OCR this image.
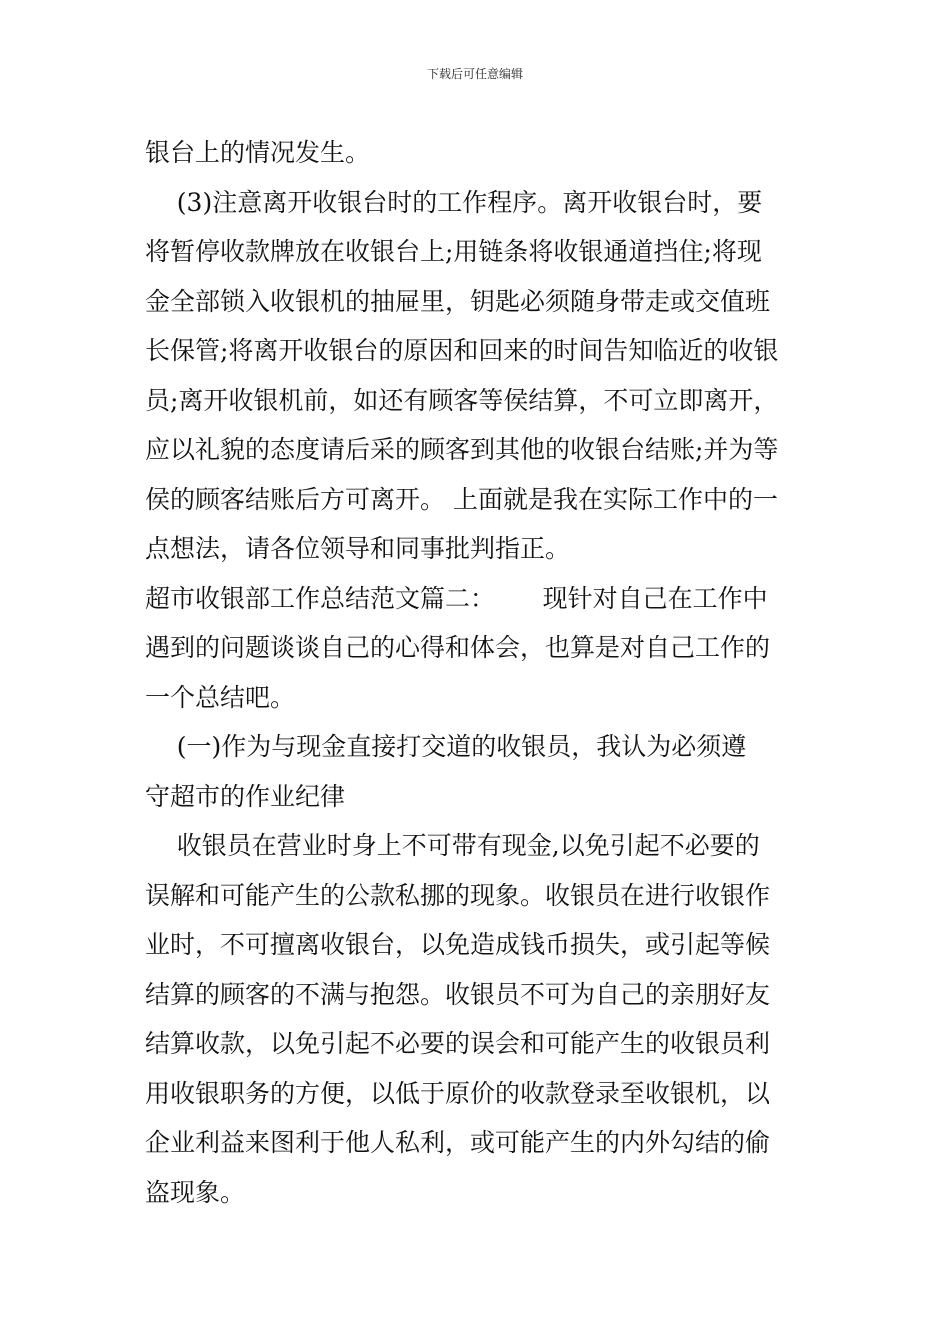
下载后可任意编辑
银台上的情况发生。
(3)注意离开收银台时的工作程序。离开收银台时，要
将暂停收款牌放在收银台上;用链条将收银通道挡住;将现
金全部锁入收银机的抽屉里，钥匙必须随身带走或交值班
长保管;将离开收银台的原因和回来的时间告知临近的收银
员;离开收银机前，如还有顾客等侯结算，不可立即离开，
应以礼貌的态度请后采的顾客到其他的收银台结账;并为等
侯的顾客结账后方可离开。 上面就是我在实际工作中的一
点想法，请各位领导和同事批判指正。
超市收银部工作总结范文篇二：      现针对自己在工作中
遇到的问题谈谈自己的心得和体会，也算是对自己工作的
一个总结吧。
(一)作为与现金直接打交道的收银员，我认为必须遵
守超市的作业纪律
收银员在营业时身上不可带有现金,以免引起不必要的
误解和可能产生的公款私挪的现象。收银员在进行收银作
业时，不可擅离收银台，以免造成钱币损失，或引起等候
结算的顾客的不满与抱怨。收银员不可为自己的亲朋好友
结算收款，以免引起不必要的误会和可能产生的收银员利
用收银职务的方便，以低于原价的收款登录至收银机，以
企业利益来图利于他人私利，或可能产生的内外勾结的偷
盗现象。
